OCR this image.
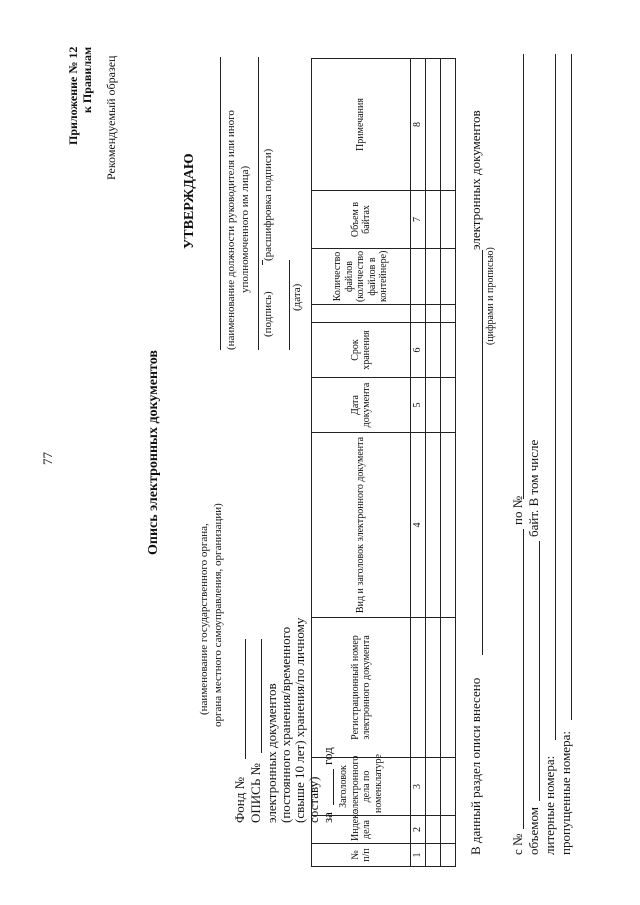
77
Приложение № 12 к Правилам Рекомендуемый образец
УТВЕРЖДАЮ	(наименование должности руководителя или иного уполномоченного им лица)
(подпись)
(расшифровка подписи)
(дата)
(наименование государственного органа, органа местного самоуправления, организации)
Фонд № ОПИСЬ № электронных документов (постоянного хранения/временного (свыше 10 лет) хранения/по личному составу) за
год
Опись электронных документов
№ п/п	Индекс дела	Заголовок электронного дела по номенклатуре	Регистрационный номер электронного документа	Вид и заголовок электронного документа	Дата документа	Срок хранения		Количество файлов (количество файлов в контейнере)	Объем в байтах	Примечания
1	2	3		4	5	6			7	8

В данный раздел описи внесено
электронных документов
(цифрами и прописью)
с №
по №
объемом
байт. В том числе
литерные номера: пропущенные номера:
